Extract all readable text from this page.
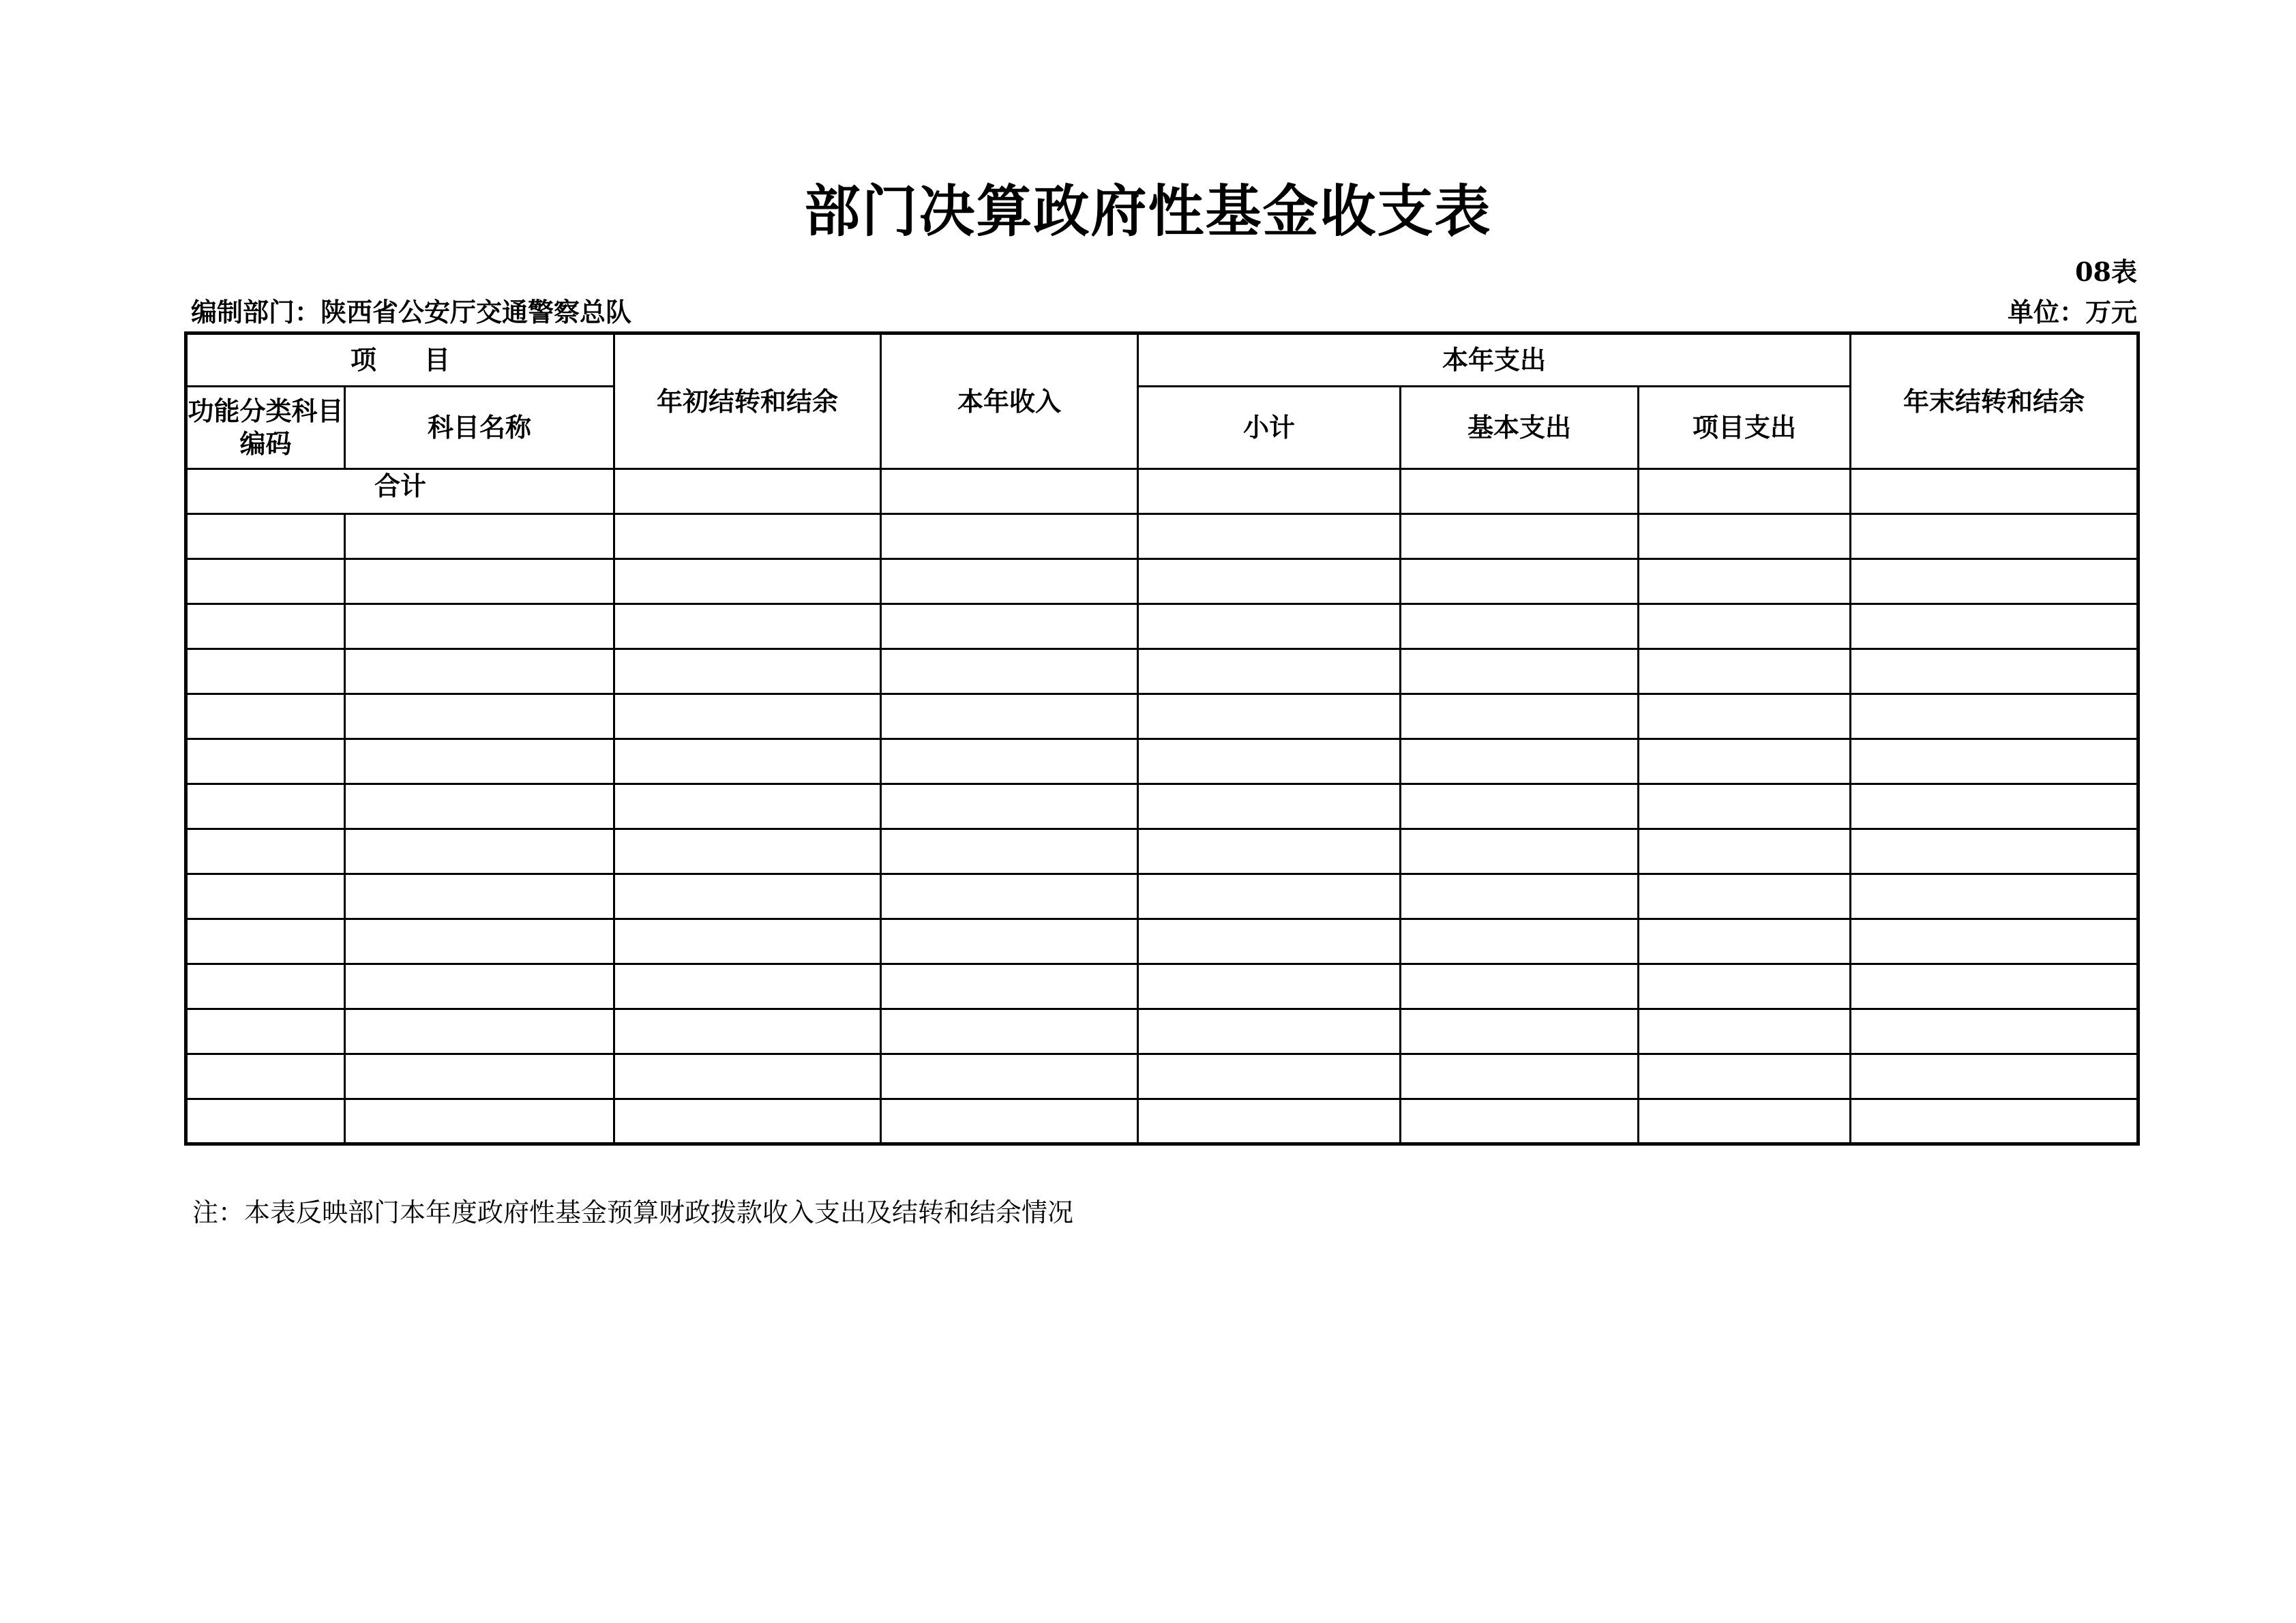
部门决算政府性基金收支表
08表
编制部门：陕西省公安厅交通警察总队	单位：万元
项 目		年初结转和结余	本年收入	本年支出			年末结转和结余
功能分类科目编码	科目名称			小计	基本支出	项目支出	
合计							

注：本表反映部门本年度政府性基金预算财政拨款收入支出及结转和结余情况
